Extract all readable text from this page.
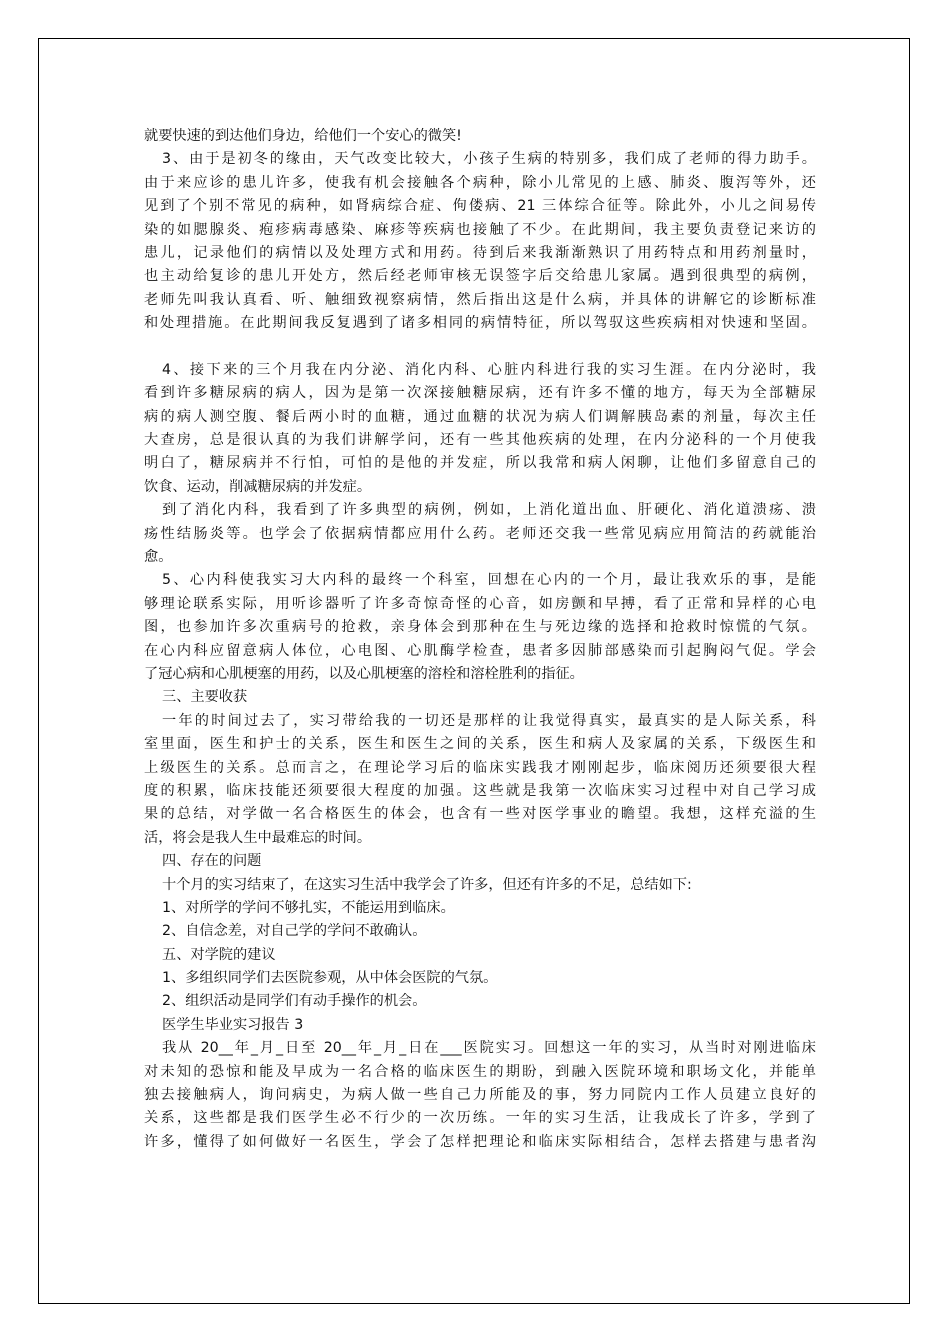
就要快速的到达他们身边，给他们一个安心的微笑!
3、由于是初冬的缘由，天气改变比较大，小孩子生病的特别多，我们成了老师的得力助手。
由于来应诊的患儿许多，使我有机会接触各个病种，除小儿常见的上感、肺炎、腹泻等外，还
见到了个别不常见的病种，如肾病综合症、佝偻病、21 三体综合征等。除此外，小儿之间易传
染的如腮腺炎、疱疹病毒感染、麻疹等疾病也接触了不少。在此期间，我主要负责登记来访的
患儿，记录他们的病情以及处理方式和用药。待到后来我渐渐熟识了用药特点和用药剂量时，
也主动给复诊的患儿开处方，然后经老师审核无误签字后交给患儿家属。遇到很典型的病例，
老师先叫我认真看、听、触细致视察病情，然后指出这是什么病，并具体的讲解它的诊断标准
和处理措施。在此期间我反复遇到了诸多相同的病情特征，所以驾驭这些疾病相对快速和坚固。
4、接下来的三个月我在内分泌、消化内科、心脏内科进行我的实习生涯。在内分泌时，我
看到许多糖尿病的病人，因为是第一次深接触糖尿病，还有许多不懂的地方，每天为全部糖尿
病的病人测空腹、餐后两小时的血糖，通过血糖的状况为病人们调解胰岛素的剂量，每次主任
大查房，总是很认真的为我们讲解学问，还有一些其他疾病的处理，在内分泌科的一个月使我
明白了，糖尿病并不行怕，可怕的是他的并发症，所以我常和病人闲聊，让他们多留意自己的
饮食、运动，削减糖尿病的并发症。
到了消化内科，我看到了许多典型的病例，例如，上消化道出血、肝硬化、消化道溃疡、溃
疡性结肠炎等。也学会了依据病情都应用什么药。老师还交我一些常见病应用简洁的药就能治
愈。
5、心内科使我实习大内科的最终一个科室，回想在心内的一个月，最让我欢乐的事，是能
够理论联系实际，用听诊器听了许多奇惊奇怪的心音，如房颤和早搏，看了正常和异样的心电
图，也参加许多次重病号的抢救，亲身体会到那种在生与死边缘的选择和抢救时惊慌的气氛。
在心内科应留意病人体位，心电图、心肌酶学检查，患者多因肺部感染而引起胸闷气促。学会
了冠心病和心肌梗塞的用药，以及心肌梗塞的溶栓和溶栓胜利的指征。
三、主要收获
一年的时间过去了，实习带给我的一切还是那样的让我觉得真实，最真实的是人际关系，科
室里面，医生和护士的关系，医生和医生之间的关系，医生和病人及家属的关系，下级医生和
上级医生的关系。总而言之，在理论学习后的临床实践我才刚刚起步，临床阅历还须要很大程
度的积累，临床技能还须要很大程度的加强。这些就是我第一次临床实习过程中对自己学习成
果的总结，对学做一名合格医生的体会，也含有一些对医学事业的瞻望。我想，这样充溢的生
活，将会是我人生中最难忘的时间。
四、存在的问题
十个月的实习结束了，在这实习生活中我学会了许多，但还有许多的不足，总结如下:
1、对所学的学问不够扎实，不能运用到临床。
2、自信念差，对自己学的学问不敢确认。
五、对学院的建议
1、多组织同学们去医院参观，从中体会医院的气氛。
2、组织活动是同学们有动手操作的机会。
医学生毕业实习报告 3
我从 20__年_月_日至 20__年_月_日在___医院实习。回想这一年的实习，从当时对刚进临床
对未知的恐惊和能及早成为一名合格的临床医生的期盼，到融入医院环境和职场文化，并能单
独去接触病人，询问病史，为病人做一些自己力所能及的事，努力同院内工作人员建立良好的
关系，这些都是我们医学生必不行少的一次历练。一年的实习生活，让我成长了许多，学到了
许多，懂得了如何做好一名医生，学会了怎样把理论和临床实际相结合，怎样去搭建与患者沟
